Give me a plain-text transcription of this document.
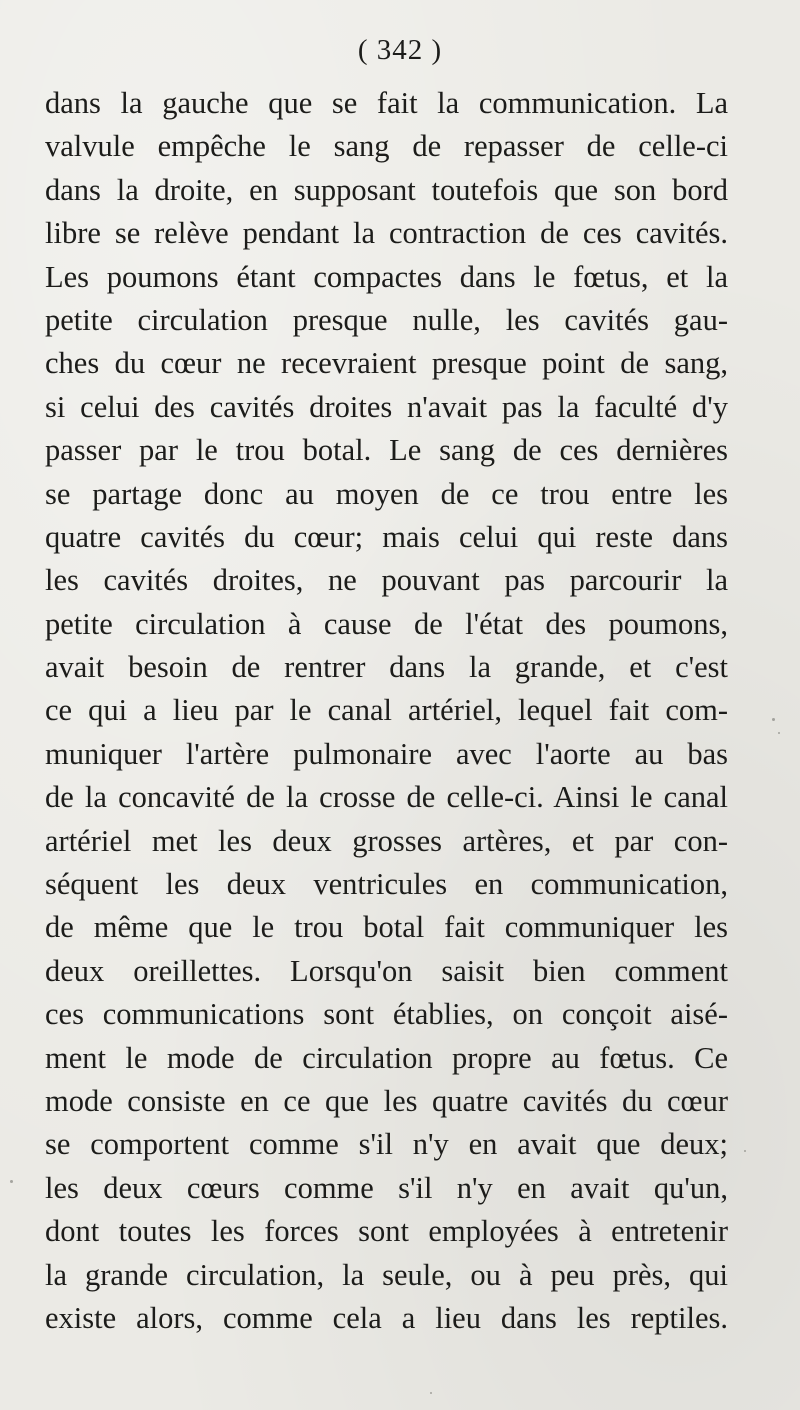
( 342 )
dans la gauche que se fait la communication. La
valvule empêche le sang de repasser de celle-ci
dans la droite, en supposant toutefois que son bord
libre se relève pendant la contraction de ces cavités.
Les poumons étant compactes dans le fœtus, et la
petite circulation presque nulle, les cavités gau-
ches du cœur ne recevraient presque point de sang,
si celui des cavités droites n'avait pas la faculté d'y
passer par le trou botal. Le sang de ces dernières
se partage donc au moyen de ce trou entre les
quatre cavités du cœur; mais celui qui reste dans
les cavités droites, ne pouvant pas parcourir la
petite circulation à cause de l'état des poumons,
avait besoin de rentrer dans la grande, et c'est
ce qui a lieu par le canal artériel, lequel fait com-
muniquer l'artère pulmonaire avec l'aorte au bas
de la concavité de la crosse de celle-ci. Ainsi le canal
artériel met les deux grosses artères, et par con-
séquent les deux ventricules en communication,
de même que le trou botal fait communiquer les
deux oreillettes. Lorsqu'on saisit bien comment
ces communications sont établies, on conçoit aisé-
ment le mode de circulation propre au fœtus. Ce
mode consiste en ce que les quatre cavités du cœur
se comportent comme s'il n'y en avait que deux;
les deux cœurs comme s'il n'y en avait qu'un,
dont toutes les forces sont employées à entretenir
la grande circulation, la seule, ou à peu près, qui
existe alors, comme cela a lieu dans les reptiles.
